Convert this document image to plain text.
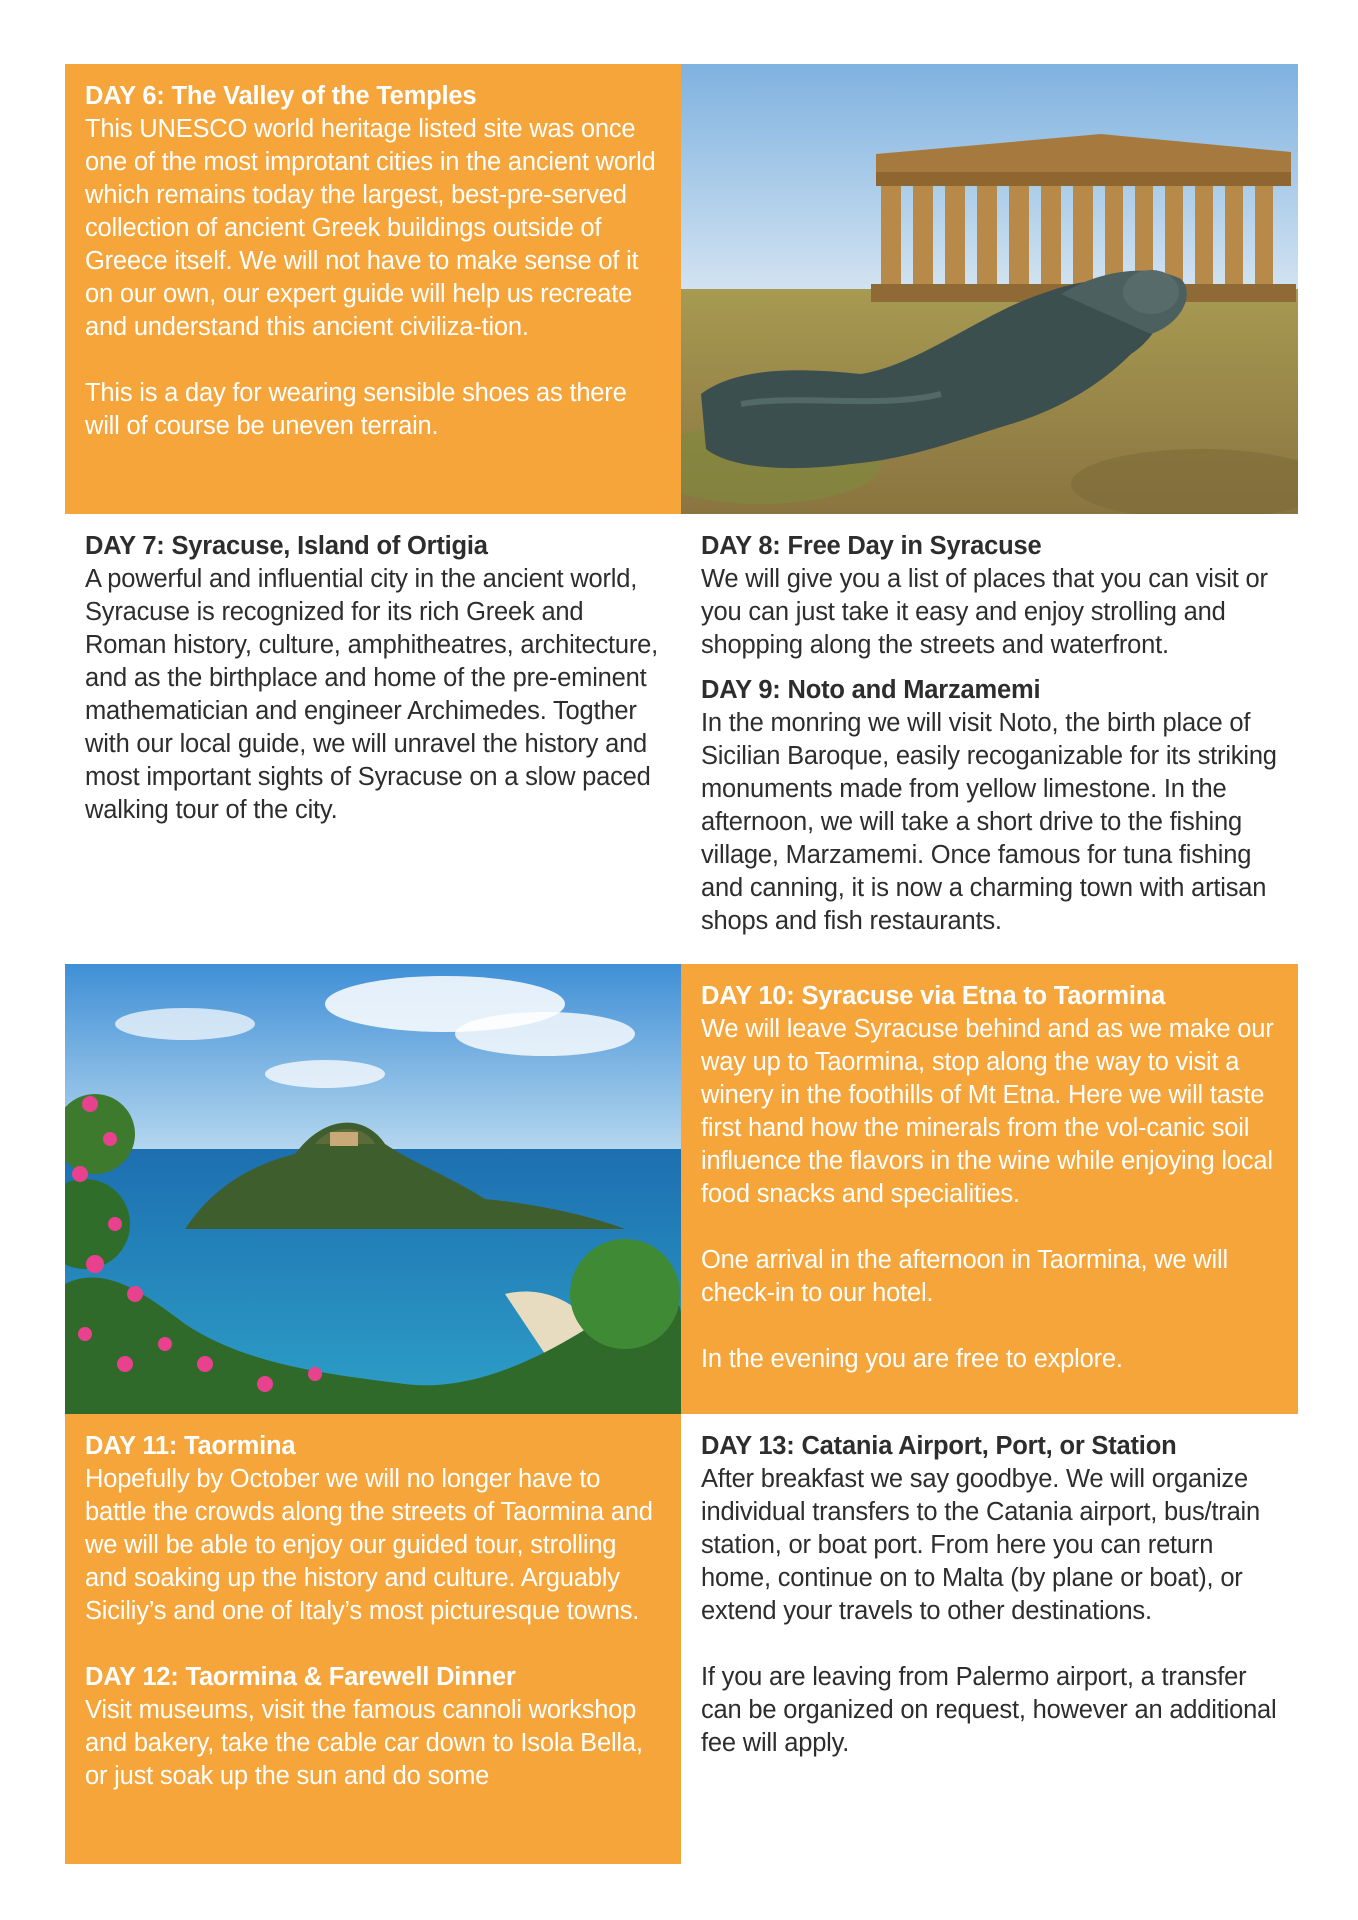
DAY 6: The Valley of the Temples

This UNESCO world heritage listed site was once one of the most improtant cities in the ancient world which remains today the largest, best-pre-served collection of ancient Greek buildings outside of Greece itself. We will not have to make sense of it on our own, our expert guide will help us recreate and understand this ancient civiliza-tion.

This is a day for wearing sensible shoes as there will of course be uneven terrain.

DAY 7: Syracuse, Island of Ortigia

A powerful and influential city in the ancient world, Syracuse is recognized for its rich Greek and Roman history, culture, amphitheatres, architecture, and as the birthplace and home of the pre-eminent mathematician and engineer Archimedes. Togther with our local guide, we will unravel the history and most important sights of Syracuse on a slow paced walking tour of the city.

DAY 8: Free Day in Syracuse

We will give you a list of places that you can visit or you can just take it easy and enjoy strolling and shopping along the streets and waterfront.

DAY 9: Noto and Marzamemi

In the monring we will visit Noto, the birth place of Sicilian Baroque, easily recoganizable for its striking monuments made from yellow limestone. In the afternoon, we will take a short drive to the fishing village, Marzamemi. Once famous for tuna fishing and canning, it is now a charming town with artisan shops and fish restaurants.

DAY 10: Syracuse via Etna to Taormina

We will leave Syracuse behind and as we make our way up to Taormina, stop along the way to visit a winery in the foothills of Mt Etna. Here we will taste first hand how the minerals from the vol-canic soil influence the flavors in the wine while enjoying local food snacks and specialities.

One arrival in the afternoon in Taormina, we will check-in to our hotel.

In the evening you are free to explore.

DAY 11: Taormina

Hopefully by October we will no longer have to battle the crowds along the streets of Taormina and we will be able to enjoy our guided tour, strolling and soaking up the history and culture. Arguably Siciliy’s and one of Italy’s most picturesque towns.

DAY 12: Taormina & Farewell Dinner

Visit museums, visit the famous cannoli workshop and bakery, take the cable car down to Isola Bella, or just soak up the sun and do some

DAY 13: Catania Airport, Port, or Station

After breakfast we say goodbye. We will organize individual transfers to the Catania airport, bus/train station, or boat port. From here you can return home, continue on to Malta (by plane or boat), or extend your travels to other destinations.

If you are leaving from Palermo airport, a transfer can be organized on request, however an additional fee will apply.
